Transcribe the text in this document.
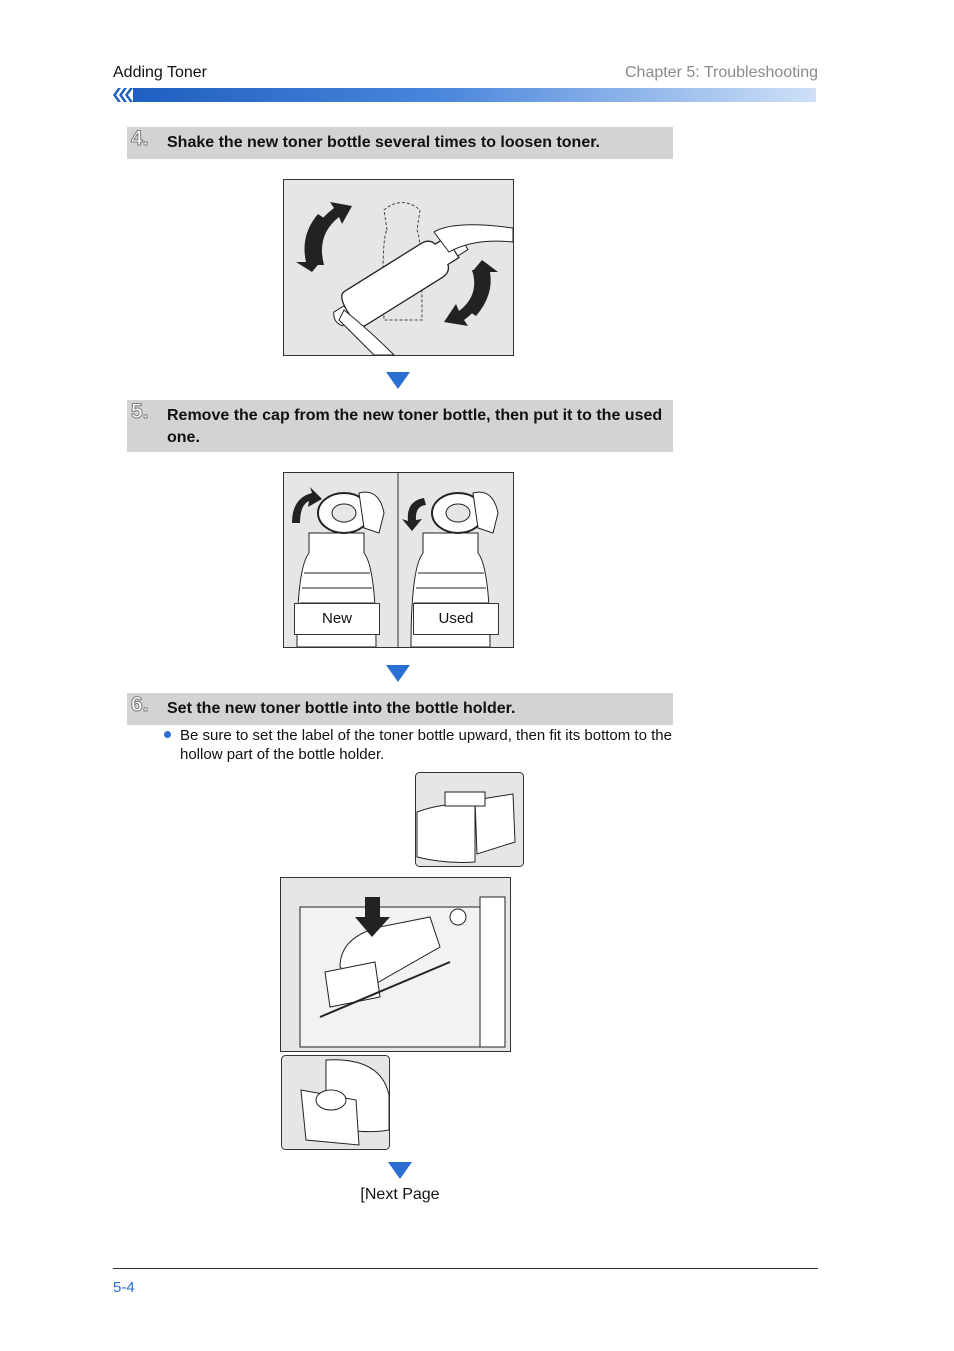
Adding Toner	Chapter 5: Troubleshooting
4. Shake the new toner bottle several times to loosen toner.
5. Remove the cap from the new toner bottle, then put it to the used one.
New	Used
6. Set the new toner bottle into the bottle holder.
Be sure to set the label of the toner bottle upward, then fit its bottom to the hollow part of the bottle holder.
[Next Page
5-4
